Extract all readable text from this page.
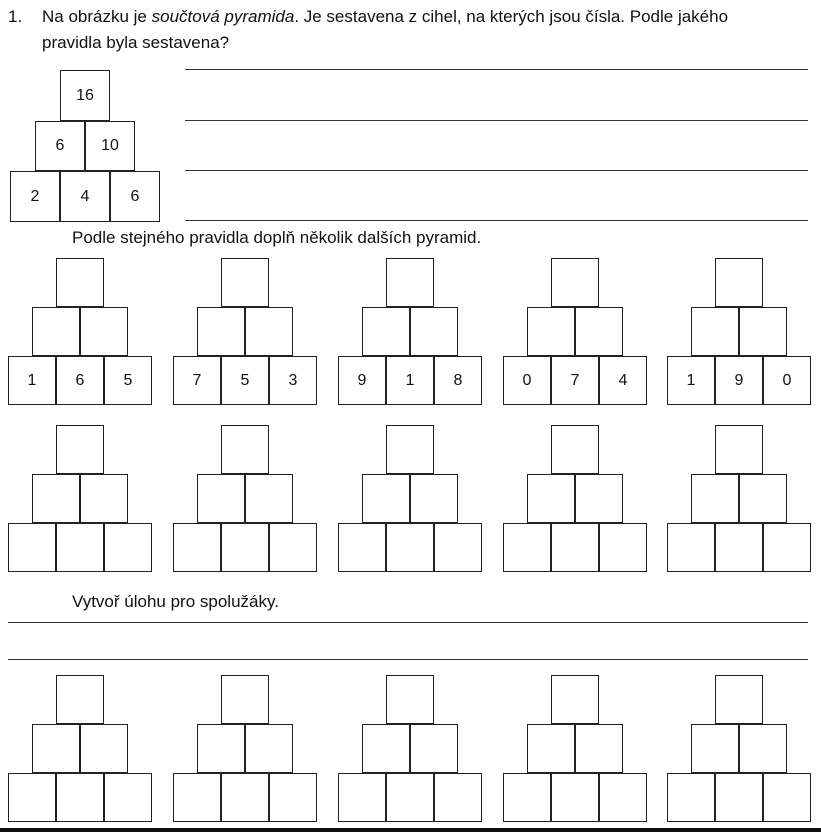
1. Na obrázku je součtová pyramida. Je sestavena z cihel, na kterých jsou čísla. Podle jakého
pravidla byla sestavena?
16
6	10
2	4	6
Podle stejného pravidla doplň několik dalších pyramid.
1	6	5	7	5	3	9	1	8	0	7	4	1	9	0
Vytvoř úlohu pro spolužáky.
